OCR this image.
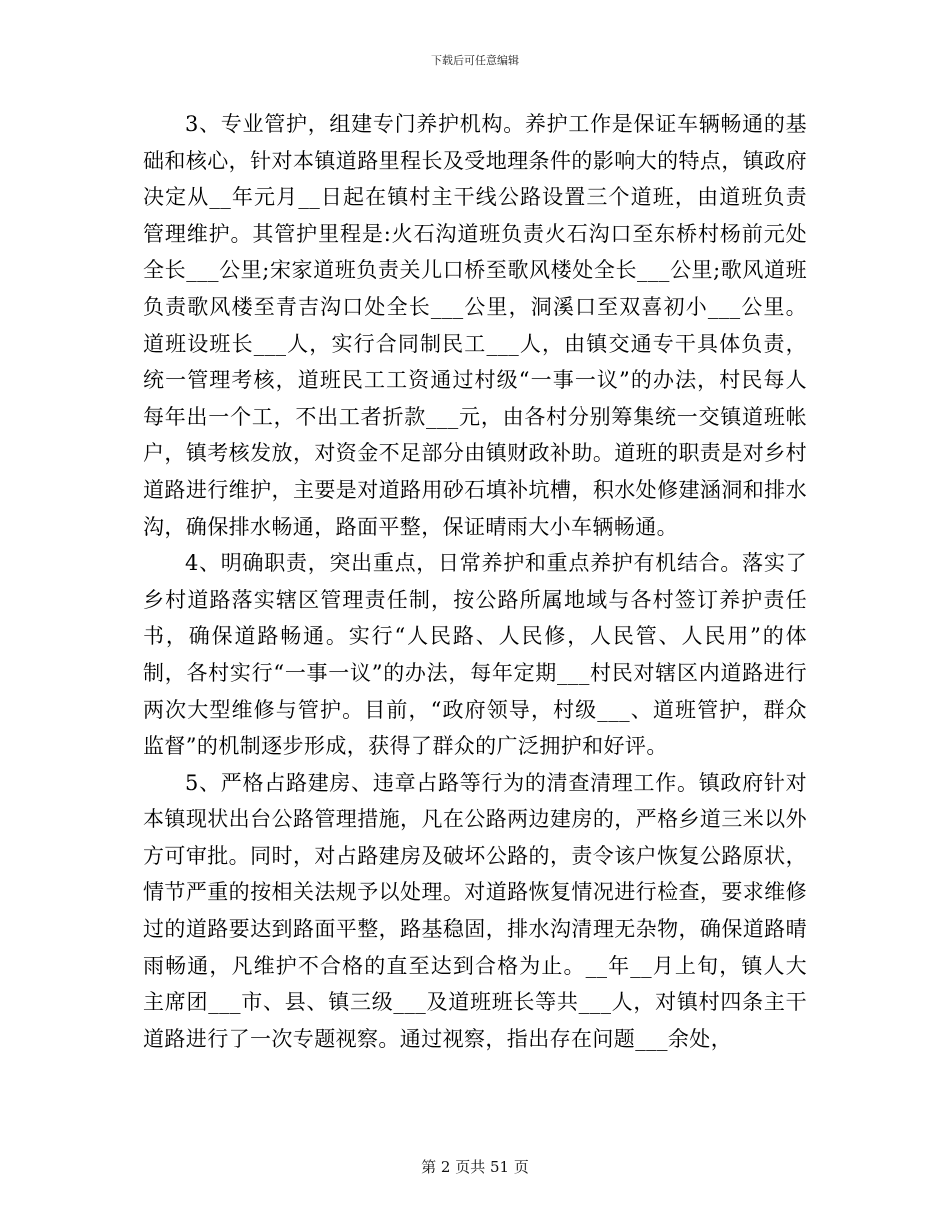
下载后可任意编辑

3、专业管护，组建专门养护机构。养护工作是保证车辆畅通的基础和核心，针对本镇道路里程长及受地理条件的影响大的特点，镇政府决定从__年元月__日起在镇村主干线公路设置三个道班，由道班负责管理维护。其管护里程是:火石沟道班负责火石沟口至东桥村杨前元处全长___公里;宋家道班负责关儿口桥至歌风楼处全长___公里;歌风道班负责歌风楼至青吉沟口处全长___公里，洞溪口至双喜初小___公里。道班设班长___人，实行合同制民工___人，由镇交通专干具体负责，统一管理考核，道班民工工资通过村级“一事一议”的办法，村民每人每年出一个工，不出工者折款___元，由各村分别筹集统一交镇道班帐户，镇考核发放，对资金不足部分由镇财政补助。道班的职责是对乡村道路进行维护，主要是对道路用砂石填补坑槽，积水处修建涵洞和排水沟，确保排水畅通，路面平整，保证晴雨大小车辆畅通。

4、明确职责，突出重点，日常养护和重点养护有机结合。落实了乡村道路落实辖区管理责任制，按公路所属地域与各村签订养护责任书，确保道路畅通。实行“人民路、人民修，人民管、人民用”的体制，各村实行“一事一议”的办法，每年定期___村民对辖区内道路进行两次大型维修与管护。目前，“政府领导，村级___、道班管护，群众监督”的机制逐步形成，获得了群众的广泛拥护和好评。

5、严格占路建房、违章占路等行为的清查清理工作。镇政府针对本镇现状出台公路管理措施，凡在公路两边建房的，严格乡道三米以外方可审批。同时，对占路建房及破坏公路的，责令该户恢复公路原状，情节严重的按相关法规予以处理。对道路恢复情况进行检查，要求维修过的道路要达到路面平整，路基稳固，排水沟清理无杂物，确保道路晴雨畅通，凡维护不合格的直至达到合格为止。__年__月上旬，镇人大主席团___市、县、镇三级___及道班班长等共___人，对镇村四条主干道路进行了一次专题视察。通过视察，指出存在问题___余处，

第 2 页共 51 页
